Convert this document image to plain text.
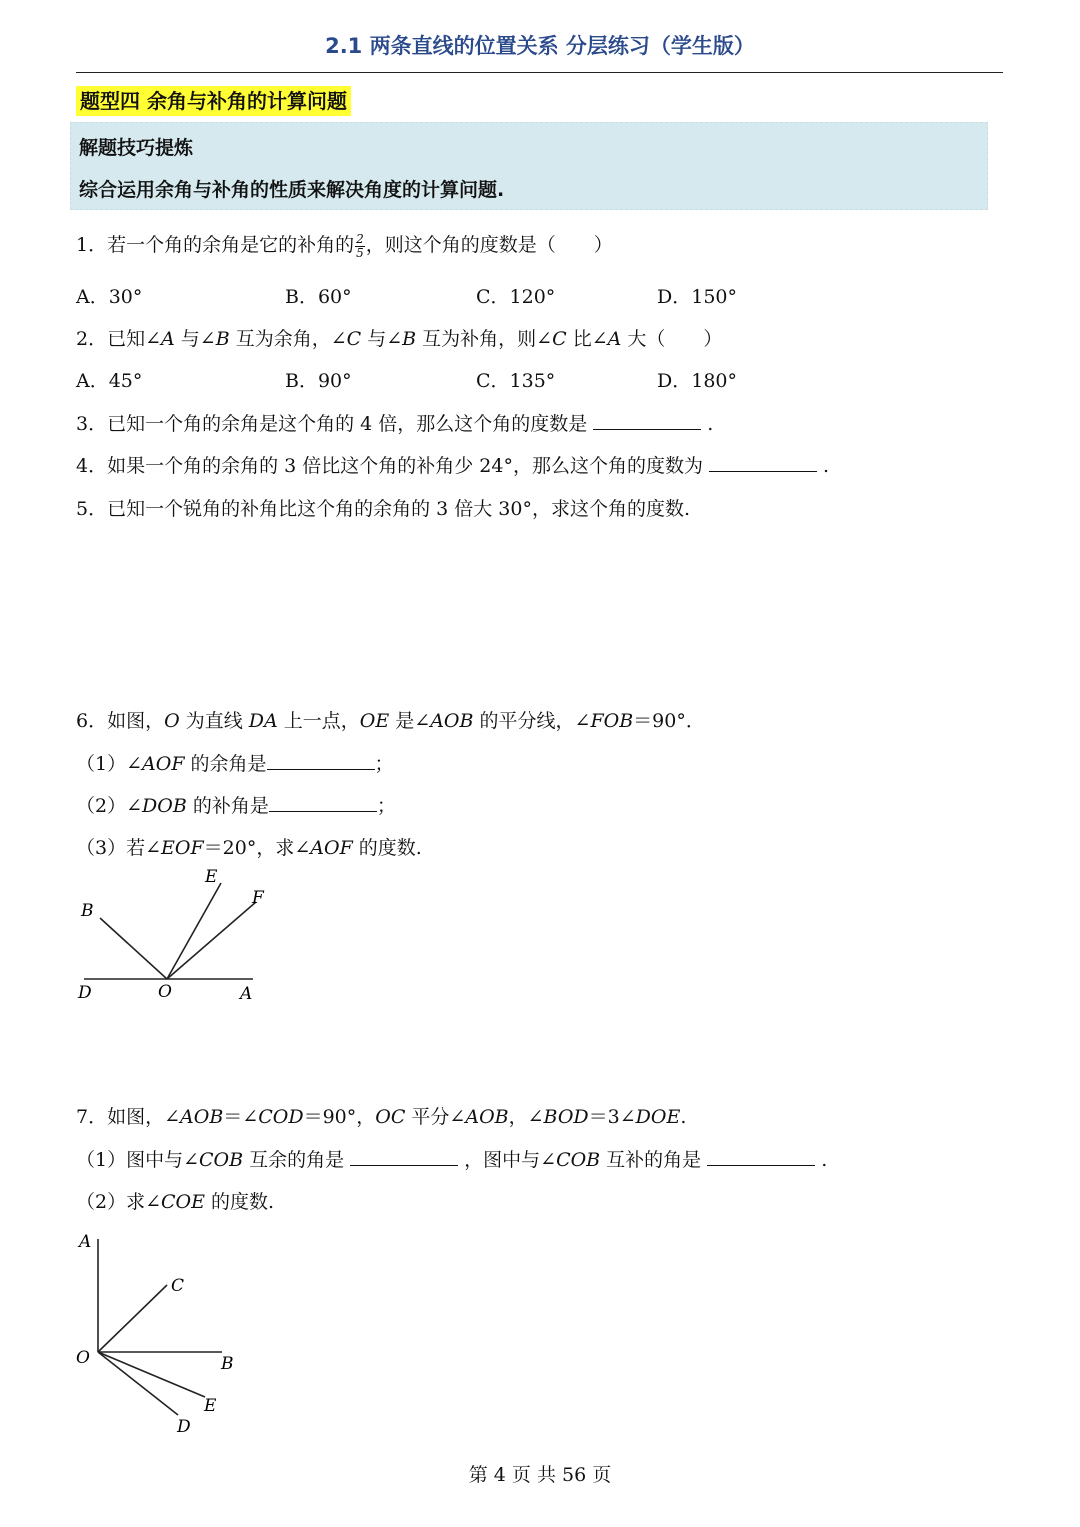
2.1 两条直线的位置关系 分层练习（学生版）
题型四 余角与补角的计算问题
解题技巧提炼
综合运用余角与补角的性质来解决角度的计算问题.
1．若一个角的余角是它的补角的 $\frac{2}{5}$ ，则这个角的度数是（　　）
A．30°	B．60°	C．120°	D．150°
2．已知∠A 与∠B 互为余角，∠C 与∠B 互为补角，则∠C 比∠A 大（　　）
A．45°	B．90°	C．135°	D．180°
3．已知一个角的余角是这个角的 4 倍，那么这个角的度数是	.
4．如果一个角的余角的 3 倍比这个角的补角少 24°，那么这个角的度数为	.
5．已知一个锐角的补角比这个角的余角的 3 倍大 30°，求这个角的度数.
6．如图，O 为直线 DA 上一点，OE 是∠AOB 的平分线，∠FOB＝90°．
（1）∠AOF 的余角是	；
（2）∠DOB 的补角是	；
（3）若∠EOF＝20°，求∠AOF 的度数.
B
E
F
D	O	A
7．如图，∠AOB＝∠COD＝90°，OC 平分∠AOB，∠BOD＝3∠DOE.
（1）图中与∠COB 互余的角是	，图中与∠COB 互补的角是	.
（2）求∠COE 的度数.
A
C
O	B
E
D
第 4 页 共 56 页
